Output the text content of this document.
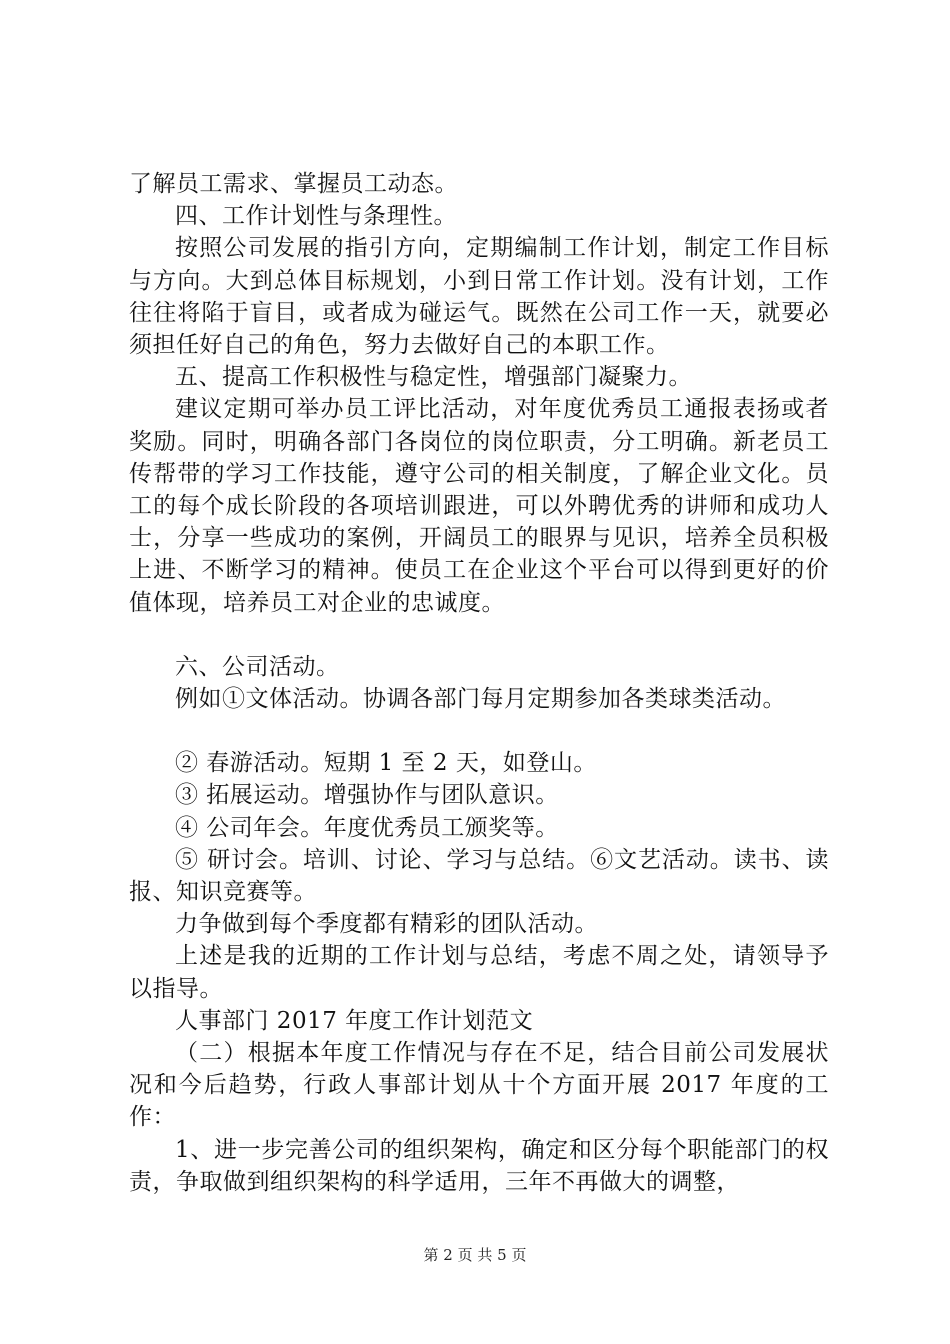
了解员工需求、掌握员工动态。

四、工作计划性与条理性。

按照公司发展的指引方向，定期编制工作计划，制定工作目标与方向。大到总体目标规划，小到日常工作计划。没有计划，工作往往将陷于盲目，或者成为碰运气。既然在公司工作一天，就要必须担任好自己的角色，努力去做好自己的本职工作。

五、提高工作积极性与稳定性，增强部门凝聚力。

建议定期可举办员工评比活动，对年度优秀员工通报表扬或者奖励。同时，明确各部门各岗位的岗位职责，分工明确。新老员工传帮带的学习工作技能，遵守公司的相关制度，了解企业文化。员工的每个成长阶段的各项培训跟进，可以外聘优秀的讲师和成功人士，分享一些成功的案例，开阔员工的眼界与见识，培养全员积极上进、不断学习的精神。使员工在企业这个平台可以得到更好的价值体现，培养员工对企业的忠诚度。

六、公司活动。

例如①文体活动。协调各部门每月定期参加各类球类活动。

② 春游活动。短期 1 至 2 天，如登山。

③ 拓展运动。增强协作与团队意识。

④ 公司年会。年度优秀员工颁奖等。

⑤ 研讨会。培训、讨论、学习与总结。⑥文艺活动。读书、读报、知识竞赛等。

力争做到每个季度都有精彩的团队活动。

上述是我的近期的工作计划与总结，考虑不周之处，请领导予以指导。

人事部门 2017 年度工作计划范文

（二）根据本年度工作情况与存在不足，结合目前公司发展状况和今后趋势，行政人事部计划从十个方面开展 2017 年度的工作：

1、进一步完善公司的组织架构，确定和区分每个职能部门的权责，争取做到组织架构的科学适用，三年不再做大的调整，

第 2 页 共 5 页
